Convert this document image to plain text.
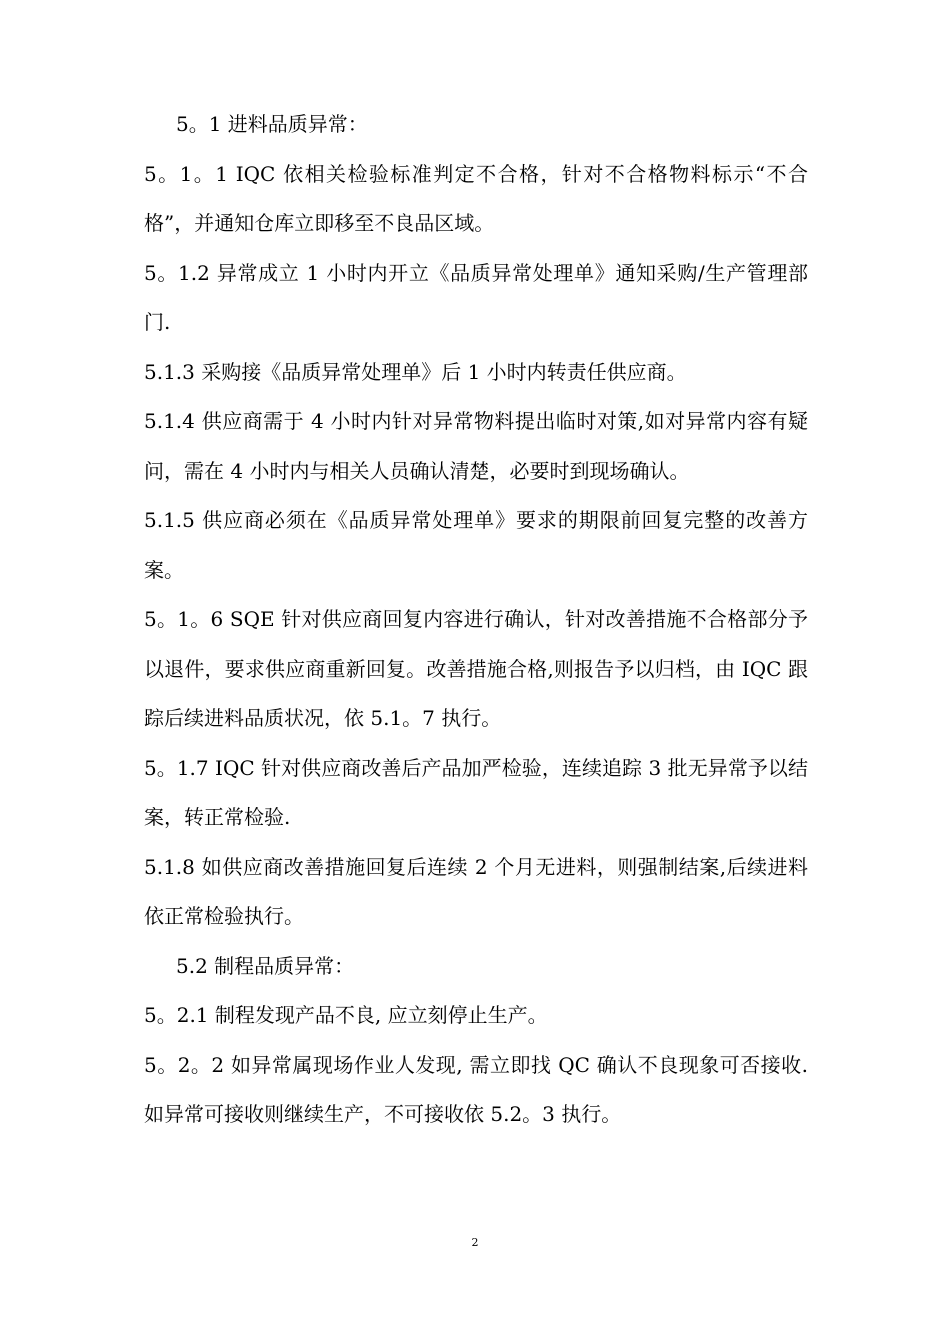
5。1 进料品质异常：

5。1。1 IQC 依相关检验标准判定不合格，针对不合格物料标示“不合格”，并通知仓库立即移至不良品区域。

5。1.2 异常成立 1 小时内开立《品质异常处理单》通知采购/生产管理部门.

5.1.3 采购接《品质异常处理单》后 1 小时内转责任供应商。

5.1.4 供应商需于 4 小时内针对异常物料提出临时对策,如对异常内容有疑问，需在 4 小时内与相关人员确认清楚，必要时到现场确认。

5.1.5 供应商必须在《品质异常处理单》要求的期限前回复完整的改善方案。

5。1。6 SQE 针对供应商回复内容进行确认，针对改善措施不合格部分予以退件，要求供应商重新回复。改善措施合格,则报告予以归档，由 IQC 跟踪后续进料品质状况，依 5.1。7 执行。

5。1.7 IQC 针对供应商改善后产品加严检验，连续追踪 3 批无异常予以结案，转正常检验.

5.1.8 如供应商改善措施回复后连续 2 个月无进料，则强制结案,后续进料依正常检验执行。

5.2 制程品质异常：

5。2.1 制程发现产品不良, 应立刻停止生产。

5。2。2 如异常属现场作业人发现, 需立即找 QC 确认不良现象可否接收. 如异常可接收则继续生产，不可接收依 5.2。3 执行。

2
